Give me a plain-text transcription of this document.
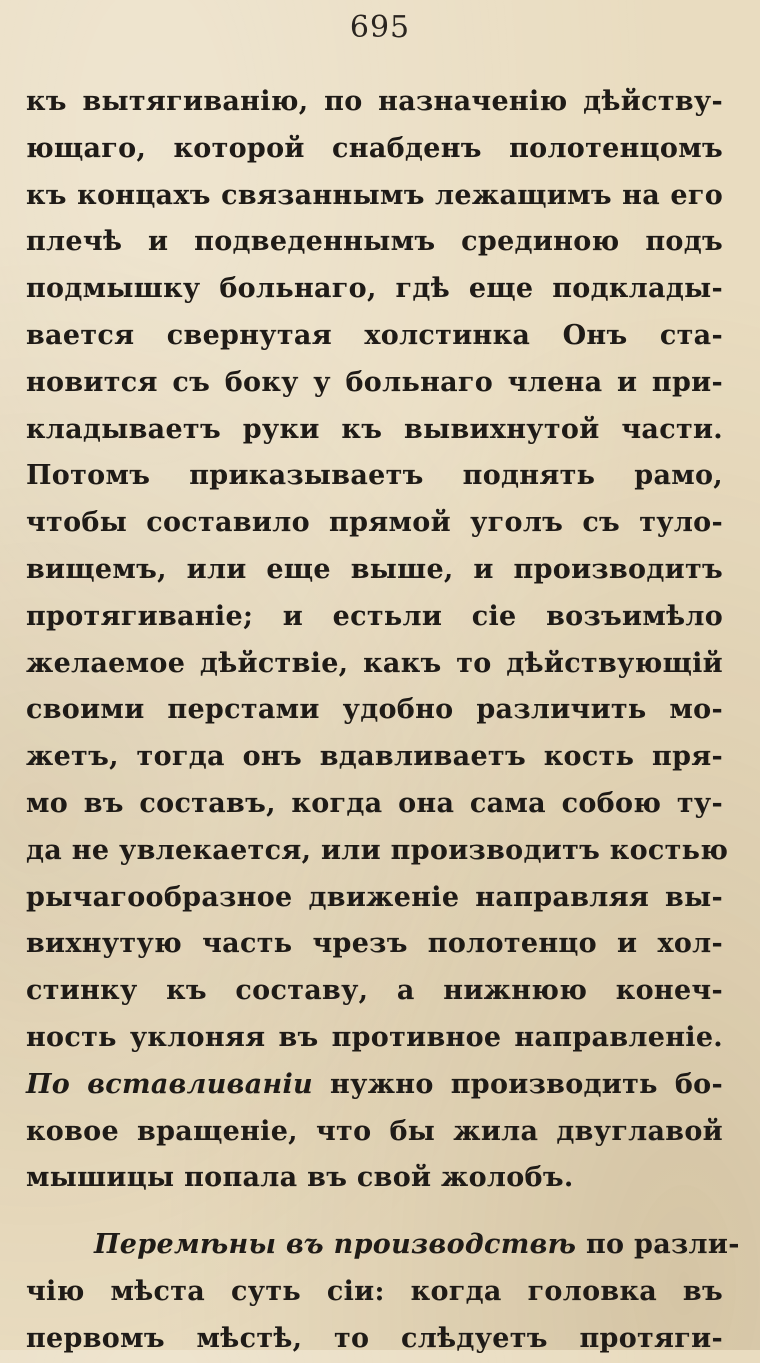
695
къ вытягиванію, по назначенію дѣйству-
ющаго, которой снабденъ полотенцомъ
къ концахъ связаннымъ лежащимъ на его
плечѣ и подведеннымъ срединою подъ
подмышку больнаго, гдѣ еще подклады-
вается свернутая холстинка Онъ ста-
новится съ боку у больнаго члена и при-
кладываетъ руки къ вывихнутой части.
Потомъ приказываетъ поднять рамо,
чтобы составило прямой уголъ съ туло-
вищемъ, или еще выше, и производитъ
протягиваніе; и естьли сіе возъимѣло
желаемое дѣйствіе, какъ то дѣйствующій
своими перстами удобно различить мо-
жетъ, тогда онъ вдавливаетъ кость пря-
мо въ составъ, когда она сама собою ту-
да не увлекается, или производитъ костью
рычагообразное движеніе направляя вы-
вихнутую часть чрезъ полотенцо и хол-
стинку къ составу, а нижнюю конеч-
ность уклоняя въ противное направленіе.
По вставливаніи нужно производить бо-
ковое вращеніе, что бы жила двуглавой
мышицы попала въ свой жолобъ.
Перемѣны въ производствѣ по разли-
чію мѣста суть сіи: когда головка въ
первомъ мѣстѣ, то слѣдуетъ протяги-
